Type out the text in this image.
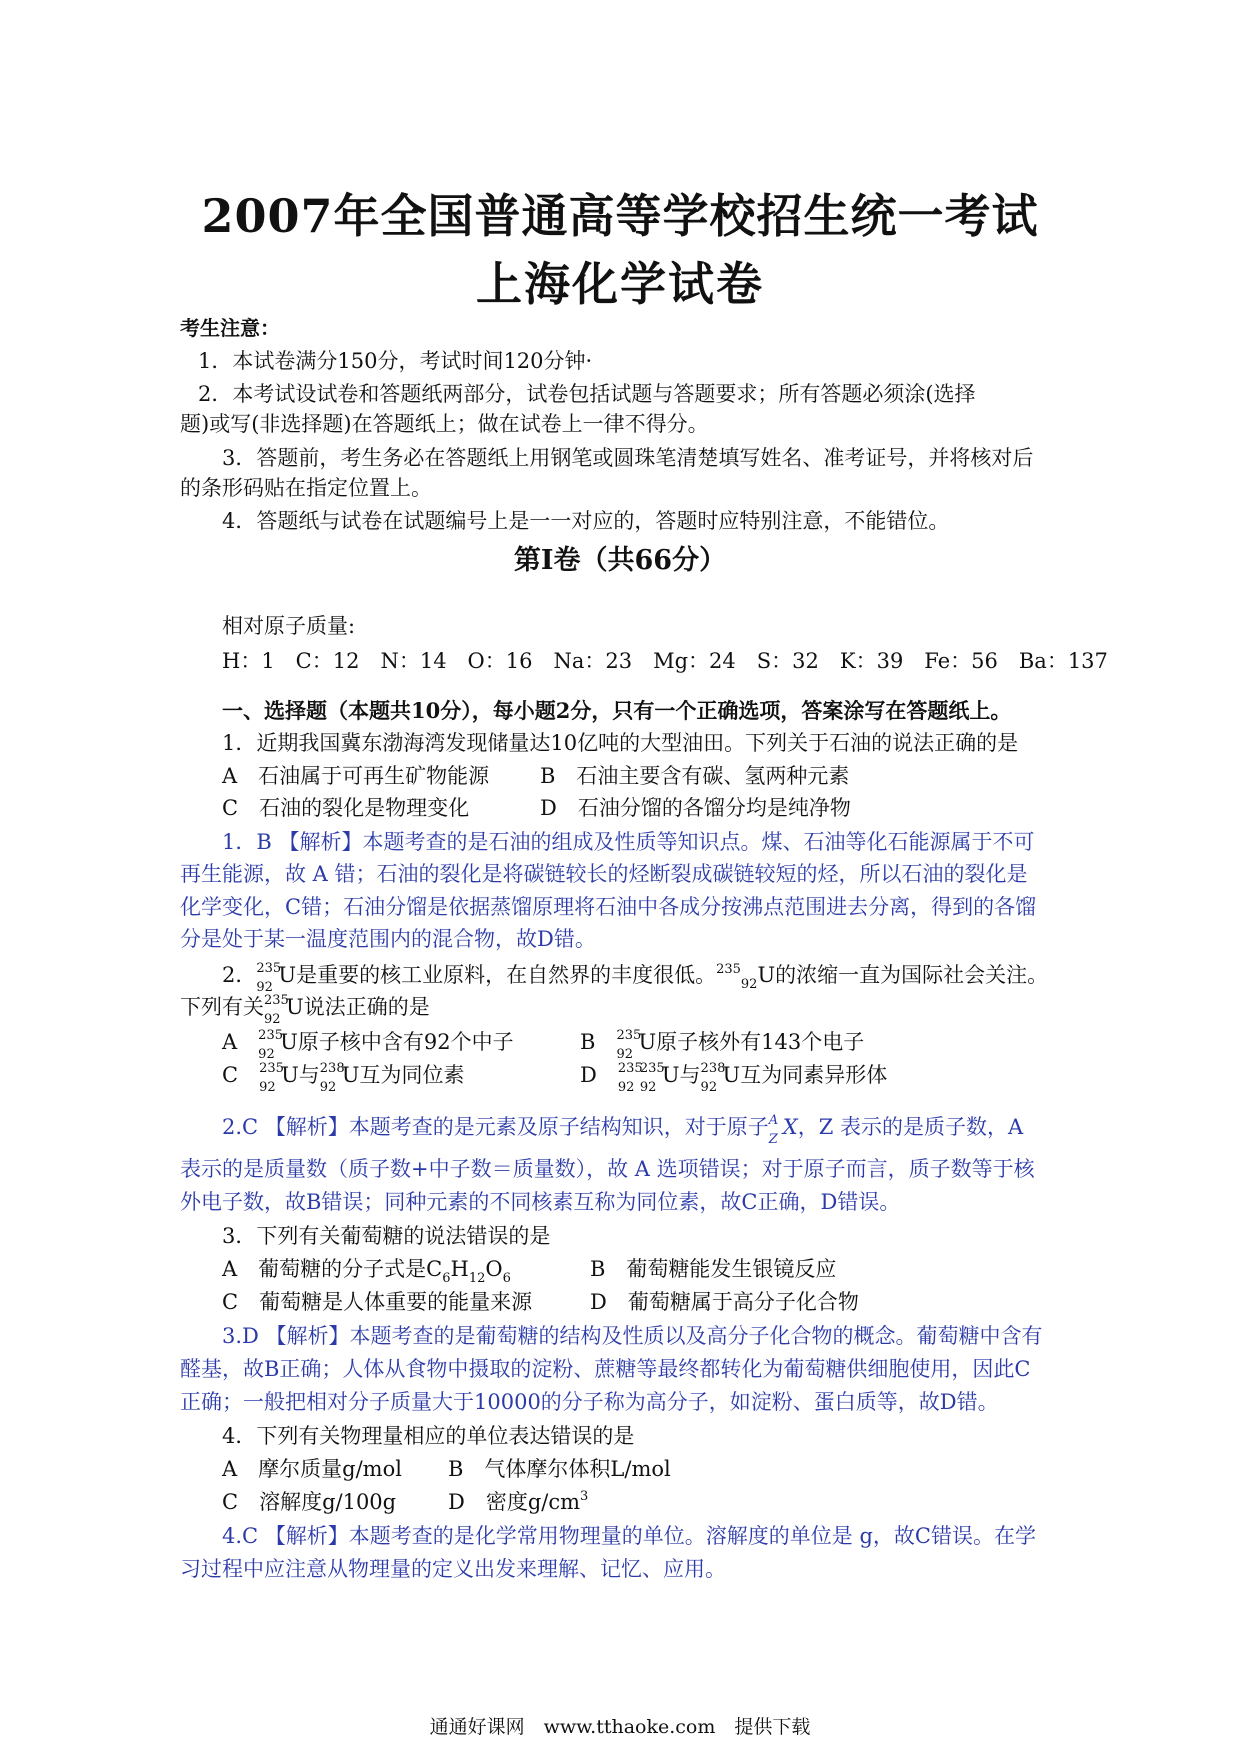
2007年全国普通高等学校招生统一考试
上海化学试卷
考生注意：
1．本试卷满分150分，考试时间120分钟·
2．本考试设试卷和答题纸两部分，试卷包括试题与答题要求；所有答题必须涂(选择
题)或写(非选择题)在答题纸上；做在试卷上一律不得分。
3．答题前，考生务必在答题纸上用钢笔或圆珠笔清楚填写姓名、准考证号，并将核对后
的条形码贴在指定位置上。
4．答题纸与试卷在试题编号上是一一对应的，答题时应特别注意，不能错位。
第Ⅰ卷（共66分）
相对原子质量:
H：1　C：12　N：14　O：16　Na：23　Mg：24　S：32　K：39　Fe：56　Ba：137
一、选择题（本题共10分），每小题2分，只有一个正确选项，答案涂写在答题纸上。
1．近期我国冀东渤海湾发现储量达10亿吨的大型油田。下列关于石油的说法正确的是
A　石油属于可再生矿物能源 B　石油主要含有碳、氢两种元素
C　石油的裂化是物理变化	D　石油分馏的各馏分均是纯净物
1．B 【解析】本题考查的是石油的组成及性质等知识点。煤、石油等化石能源属于不可
再生能源，故 A 错；石油的裂化是将碳链较长的烃断裂成碳链较短的烃，所以石油的裂化是
化学变化，C错；石油分馏是依据蒸馏原理将石油中各成分按沸点范围进去分离，得到的各馏
分是处于某一温度范围内的混合物，故D错。
2． 235
92
U是重要的核工业原料，在自然界的丰度很低。$^{235}_{92}$U的浓缩一直为国际社会关注。
下列有关 235
92
U说法正确的是
A　 235
92
U原子核中含有92个中子	B　 235
92
U原子核外有143个电子
C　 235
92
U与 238
92
U互为同位素	D　 235
92
235
92
U与 238
92
U互为同素异形体
2.C 【解析】本题考查的是元素及原子结构知识，对于原子 A
Z
X，Z 表示的是质子数，A
表示的是质量数（质子数+中子数＝质量数），故 A 选项错误；对于原子而言，质子数等于核
外电子数，故B错误；同种元素的不同核素互称为同位素，故C正确，D错误。
3．下列有关葡萄糖的说法错误的是
A　葡萄糖的分子式是$C_6H_{12}O_6$	B　葡萄糖能发生银镜反应
C　葡萄糖是人体重要的能量来源	D　葡萄糖属于高分子化合物
3.D 【解析】本题考查的是葡萄糖的结构及性质以及高分子化合物的概念。葡萄糖中含有
醛基，故B正确；人体从食物中摄取的淀粉、蔗糖等最终都转化为葡萄糖供细胞使用，因此C
正确；一般把相对分子质量大于10000的分子称为高分子，如淀粉、蛋白质等，故D错。
4．下列有关物理量相应的单位表达错误的是
A　摩尔质量g/mol B　气体摩尔体积L/mol
C　溶解度g/100g D　密度$g/cm^3$
4.C 【解析】本题考查的是化学常用物理量的单位。溶解度的单位是 g，故C错误。在学
习过程中应注意从物理量的定义出发来理解、记忆、应用。
通通好课网　www.tthaoke.com　提供下载
